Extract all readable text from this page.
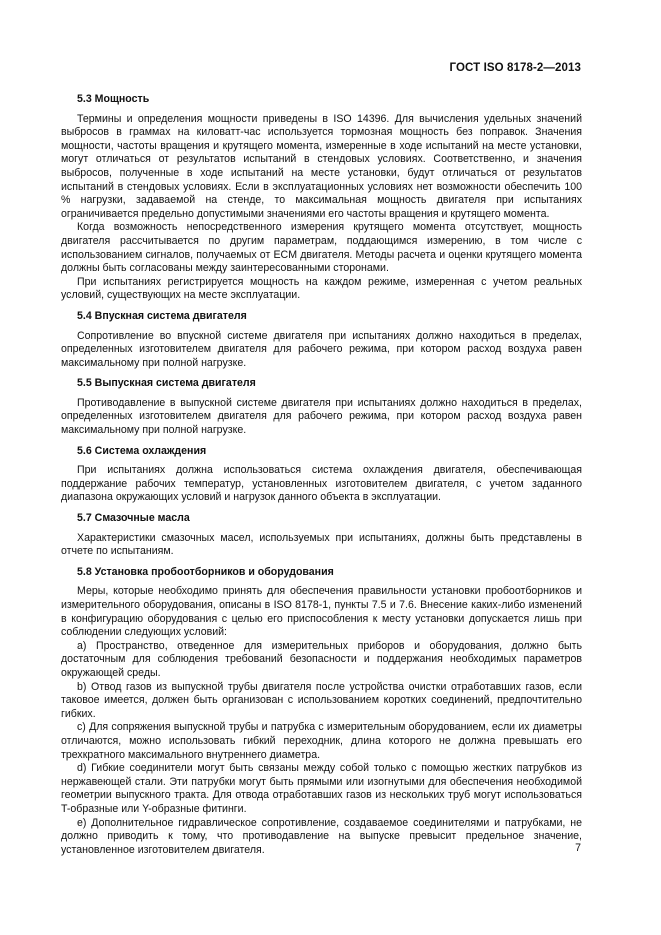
ГОСТ ISO 8178-2—2013
5.3 Мощность

Термины и определения мощности приведены в ISO 14396. Для вычисления удельных значений выбросов в граммах на киловатт-час используется тормозная мощность без поправок. Значения мощности, частоты вращения и крутящего момента, измеренные в ходе испытаний на месте установки, могут отличаться от результатов испытаний в стендовых условиях. Соответственно, и значения выбросов, полученные в ходе испытаний на месте установки, будут отличаться от результатов испытаний в стендовых условиях. Если в эксплуатационных условиях нет возможности обеспечить 100 % нагрузки, задаваемой на стенде, то максимальная мощность двигателя при испытаниях ограничивается предельно допустимыми значениями его частоты вращения и крутящего момента.

Когда возможность непосредственного измерения крутящего момента отсутствует, мощность двигателя рассчитывается по другим параметрам, поддающимся измерению, в том числе с использованием сигналов, получаемых от ECM двигателя. Методы расчета и оценки крутящего момента должны быть согласованы между заинтересованными сторонами.

При испытаниях регистрируется мощность на каждом режиме, измеренная с учетом реальных условий, существующих на месте эксплуатации.

5.4 Впускная система двигателя

Сопротивление во впускной системе двигателя при испытаниях должно находиться в пределах, определенных изготовителем двигателя для рабочего режима, при котором расход воздуха равен максимальному при полной нагрузке.

5.5 Выпускная система двигателя

Противодавление в выпускной системе двигателя при испытаниях должно находиться в пределах, определенных изготовителем двигателя для рабочего режима, при котором расход воздуха равен максимальному при полной нагрузке.

5.6 Система охлаждения

При испытаниях должна использоваться система охлаждения двигателя, обеспечивающая поддержание рабочих температур, установленных изготовителем двигателя, с учетом заданного диапазона окружающих условий и нагрузок данного объекта в эксплуатации.

5.7 Смазочные масла

Характеристики смазочных масел, используемых при испытаниях, должны быть представлены в отчете по испытаниям.

5.8 Установка пробоотборников и оборудования

Меры, которые необходимо принять для обеспечения правильности установки пробоотборников и измерительного оборудования, описаны в ISO 8178-1, пункты 7.5 и 7.6. Внесение каких-либо изменений в конфигурацию оборудования с целью его приспособления к месту установки допускается лишь при соблюдении следующих условий:

a) Пространство, отведенное для измерительных приборов и оборудования, должно быть достаточным для соблюдения требований безопасности и поддержания необходимых параметров окружающей среды.

b) Отвод газов из выпускной трубы двигателя после устройства очистки отработавших газов, если таковое имеется, должен быть организован с использованием коротких соединений, предпочтительно гибких.

c) Для сопряжения выпускной трубы и патрубка с измерительным оборудованием, если их диаметры отличаются, можно использовать гибкий переходник, длина которого не должна превышать его трехкратного максимального внутреннего диаметра.

d) Гибкие соединители могут быть связаны между собой только с помощью жестких патрубков из нержавеющей стали. Эти патрубки могут быть прямыми или изогнутыми для обеспечения необходимой геометрии выпускного тракта. Для отвода отработавших газов из нескольких труб могут использоваться T-образные или Y-образные фитинги.

e) Дополнительное гидравлическое сопротивление, создаваемое соединителями и патрубками, не должно приводить к тому, что противодавление на выпуске превысит предельное значение, установленное изготовителем двигателя.	7
